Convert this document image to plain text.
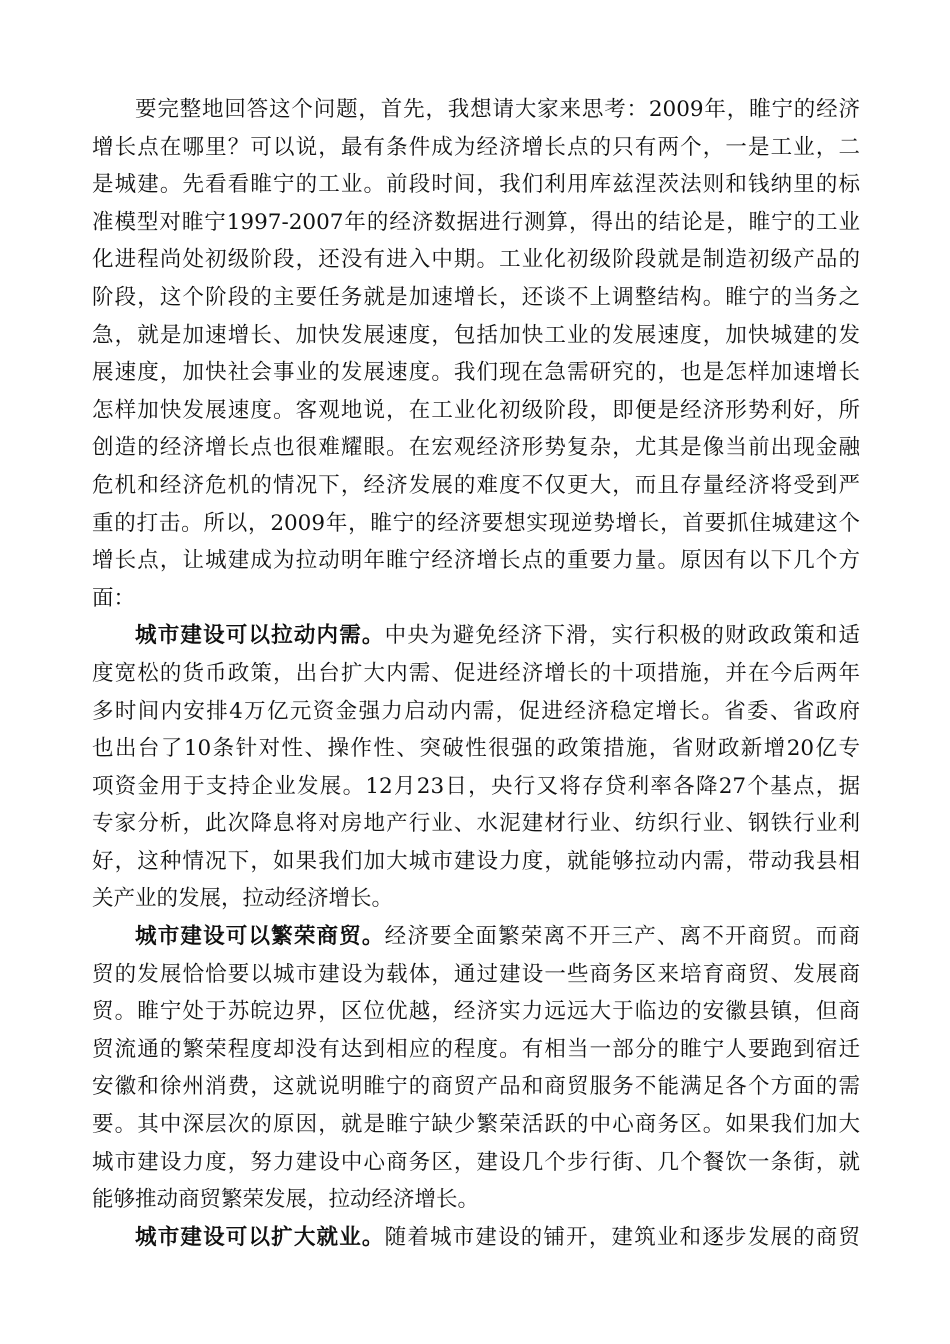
要完整地回答这个问题，首先，我想请大家来思考：2009年，睢宁的经济
增长点在哪里？可以说，最有条件成为经济增长点的只有两个，一是工业，二
是城建。先看看睢宁的工业。前段时间，我们利用库兹涅茨法则和钱纳里的标
准模型对睢宁1997-2007年的经济数据进行测算，得出的结论是，睢宁的工业
化进程尚处初级阶段，还没有进入中期。工业化初级阶段就是制造初级产品的
阶段，这个阶段的主要任务就是加速增长，还谈不上调整结构。睢宁的当务之
急，就是加速增长、加快发展速度，包括加快工业的发展速度，加快城建的发
展速度，加快社会事业的发展速度。我们现在急需研究的，也是怎样加速增长
怎样加快发展速度。客观地说，在工业化初级阶段，即便是经济形势利好，所
创造的经济增长点也很难耀眼。在宏观经济形势复杂，尤其是像当前出现金融
危机和经济危机的情况下，经济发展的难度不仅更大，而且存量经济将受到严
重的打击。所以，2009年，睢宁的经济要想实现逆势增长，首要抓住城建这个
增长点，让城建成为拉动明年睢宁经济增长点的重要力量。原因有以下几个方
面：
城市建设可以拉动内需。中央为避免经济下滑，实行积极的财政政策和适
度宽松的货币政策，出台扩大内需、促进经济增长的十项措施，并在今后两年
多时间内安排4万亿元资金强力启动内需，促进经济稳定增长。省委、省政府
也出台了10条针对性、操作性、突破性很强的政策措施，省财政新增20亿专
项资金用于支持企业发展。12月23日，央行又将存贷利率各降27个基点，据
专家分析，此次降息将对房地产行业、水泥建材行业、纺织行业、钢铁行业利
好，这种情况下，如果我们加大城市建设力度，就能够拉动内需，带动我县相
关产业的发展，拉动经济增长。
城市建设可以繁荣商贸。经济要全面繁荣离不开三产、离不开商贸。而商
贸的发展恰恰要以城市建设为载体，通过建设一些商务区来培育商贸、发展商
贸。睢宁处于苏皖边界，区位优越，经济实力远远大于临边的安徽县镇，但商
贸流通的繁荣程度却没有达到相应的程度。有相当一部分的睢宁人要跑到宿迁
安徽和徐州消费，这就说明睢宁的商贸产品和商贸服务不能满足各个方面的需
要。其中深层次的原因，就是睢宁缺少繁荣活跃的中心商务区。如果我们加大
城市建设力度，努力建设中心商务区，建设几个步行街、几个餐饮一条街，就
能够推动商贸繁荣发展，拉动经济增长。
城市建设可以扩大就业。随着城市建设的铺开，建筑业和逐步发展的商贸
